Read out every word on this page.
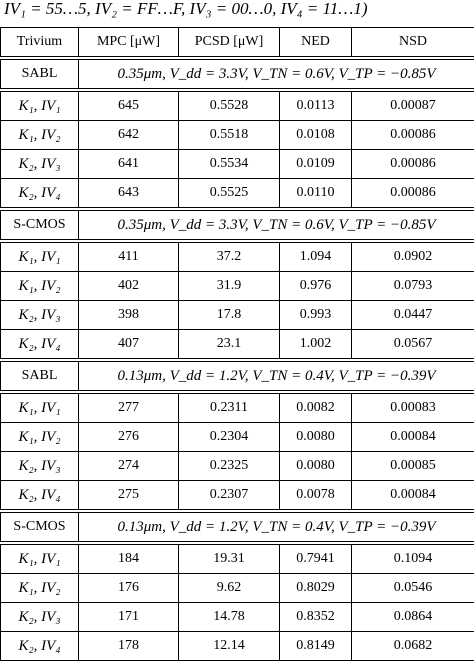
IV₁ = 55…5, IV₂ = FF…F, IV₃ = 00…0, IV₄ = 11…1)
Trivium	MPC [μW]	PCSD [μW]	NED	NSD
SABL	0.35μm, V_dd = 3.3V, V_TN = 0.6V, V_TP = −0.85V			
K₁, IV₁	645	0.5528	0.0113	0.00087
K₁, IV₂	642	0.5518	0.0108	0.00086
K₂, IV₃	641	0.5534	0.0109	0.00086
K₂, IV₄	643	0.5525	0.0110	0.00086
S-CMOS	0.35μm, V_dd = 3.3V, V_TN = 0.6V, V_TP = −0.85V			
K₁, IV₁	411	37.2	1.094	0.0902
K₁, IV₂	402	31.9	0.976	0.0793
K₂, IV₃	398	17.8	0.993	0.0447
K₂, IV₄	407	23.1	1.002	0.0567
SABL	0.13μm, V_dd = 1.2V, V_TN = 0.4V, V_TP = −0.39V			
K₁, IV₁	277	0.2311	0.0082	0.00083
K₁, IV₂	276	0.2304	0.0080	0.00084
K₂, IV₃	274	0.2325	0.0080	0.00085
K₂, IV₄	275	0.2307	0.0078	0.00084
S-CMOS	0.13μm, V_dd = 1.2V, V_TN = 0.4V, V_TP = −0.39V			
K₁, IV₁	184	19.31	0.7941	0.1094
K₁, IV₂	176	9.62	0.8029	0.0546
K₂, IV₃	171	14.78	0.8352	0.0864
K₂, IV₄	178	12.14	0.8149	0.0682
